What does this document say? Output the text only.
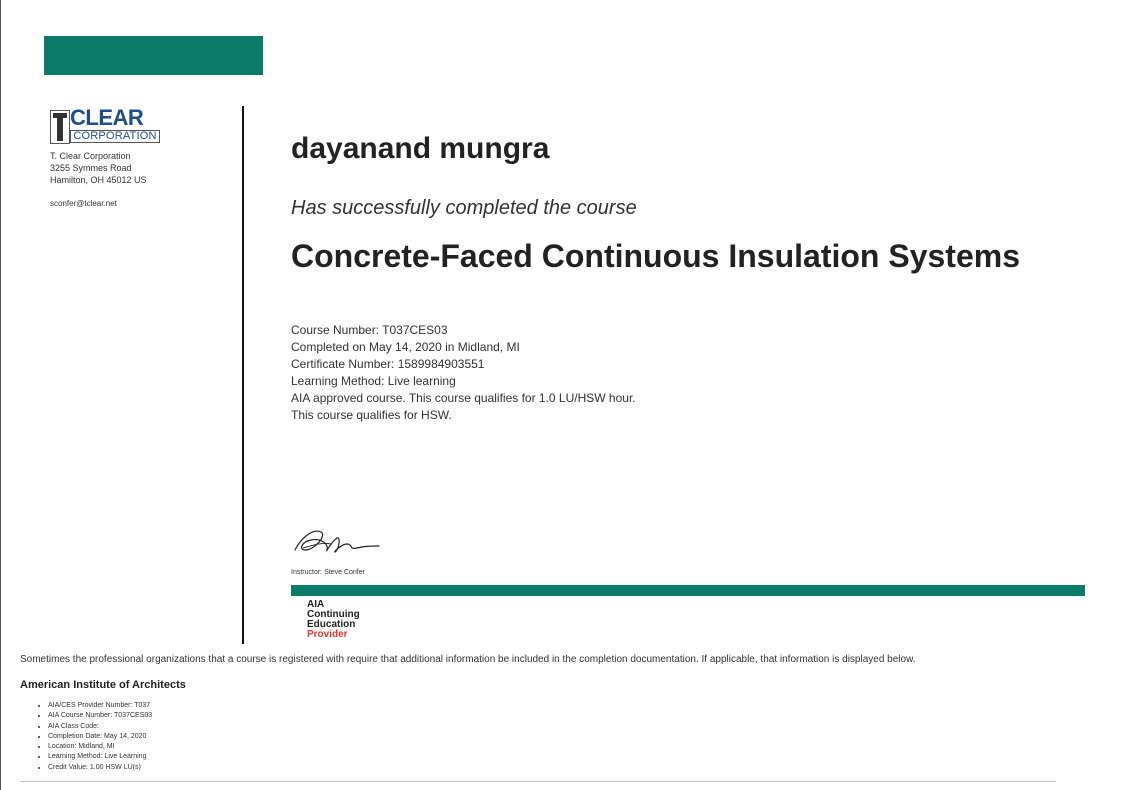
CLEAR
CORPORATION
T. Clear Corporation
3255 Symmes Road
Hamilton, OH 45012 US
sconfer@tclear.net
dayanand mungra
Has successfully completed the course
Concrete-Faced Continuous Insulation Systems
Course Number: T037CES03
Completed on May 14, 2020 in Midland, MI
Certificate Number: 1589984903551
Learning Method: Live learning
AIA approved course. This course qualifies for 1.0 LU/HSW hour.
This course qualifies for HSW.
Instructor: Steve Confer
AIA
Continuing
Education
Provider
Sometimes the professional organizations that a course is registered with require that additional information be included in the completion documentation. If applicable, that information is displayed below.
American Institute of Architects
• AIA/CES Provider Number: T037
• AIA Course Number: T037CES03
• AIA Class Code:
• Completion Date: May 14, 2020
• Location: Midland, MI
• Learning Method: Live Learning
• Credit Value: 1.00 HSW LU(s)
